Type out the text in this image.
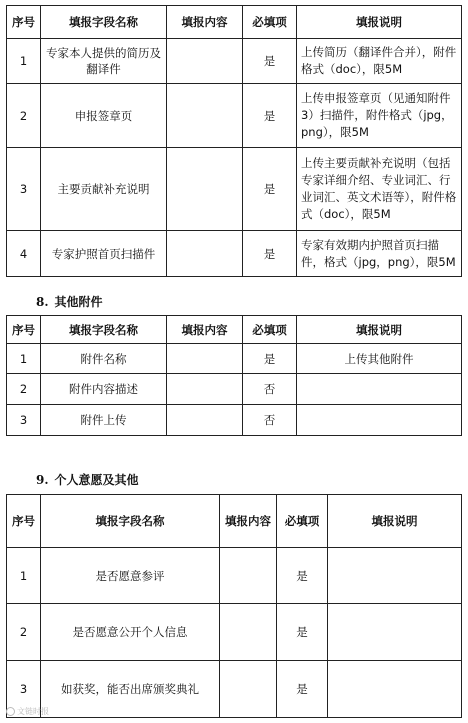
序号	填报字段名称	填报内容	必填项	填报说明
1	专家本人提供的简历及翻译件		是	上传简历（翻译件合并），附件格式（doc），限5M
2	申报签章页		是	上传申报签章页（见通知附件3）扫描件，附件格式（jpg，png），限5M
3	主要贡献补充说明		是	上传主要贡献补充说明（包括专家详细介绍、专业词汇、行业词汇、英文术语等），附件格式（doc），限5M
4	专家护照首页扫描件		是	专家有效期内护照首页扫描件，格式（jpg，png），限5M
8. 其他附件
序号	填报字段名称	填报内容	必填项	填报说明
1	附件名称		是	上传其他附件
2	附件内容描述		否	
3	附件上传		否	
9. 个人意愿及其他
序号	填报字段名称	填报内容	必填项	填报说明
1	是否愿意参评		是	
2	是否愿意公开个人信息		是	
3	如获奖，能否出席颁奖典礼		是	
文链时报
